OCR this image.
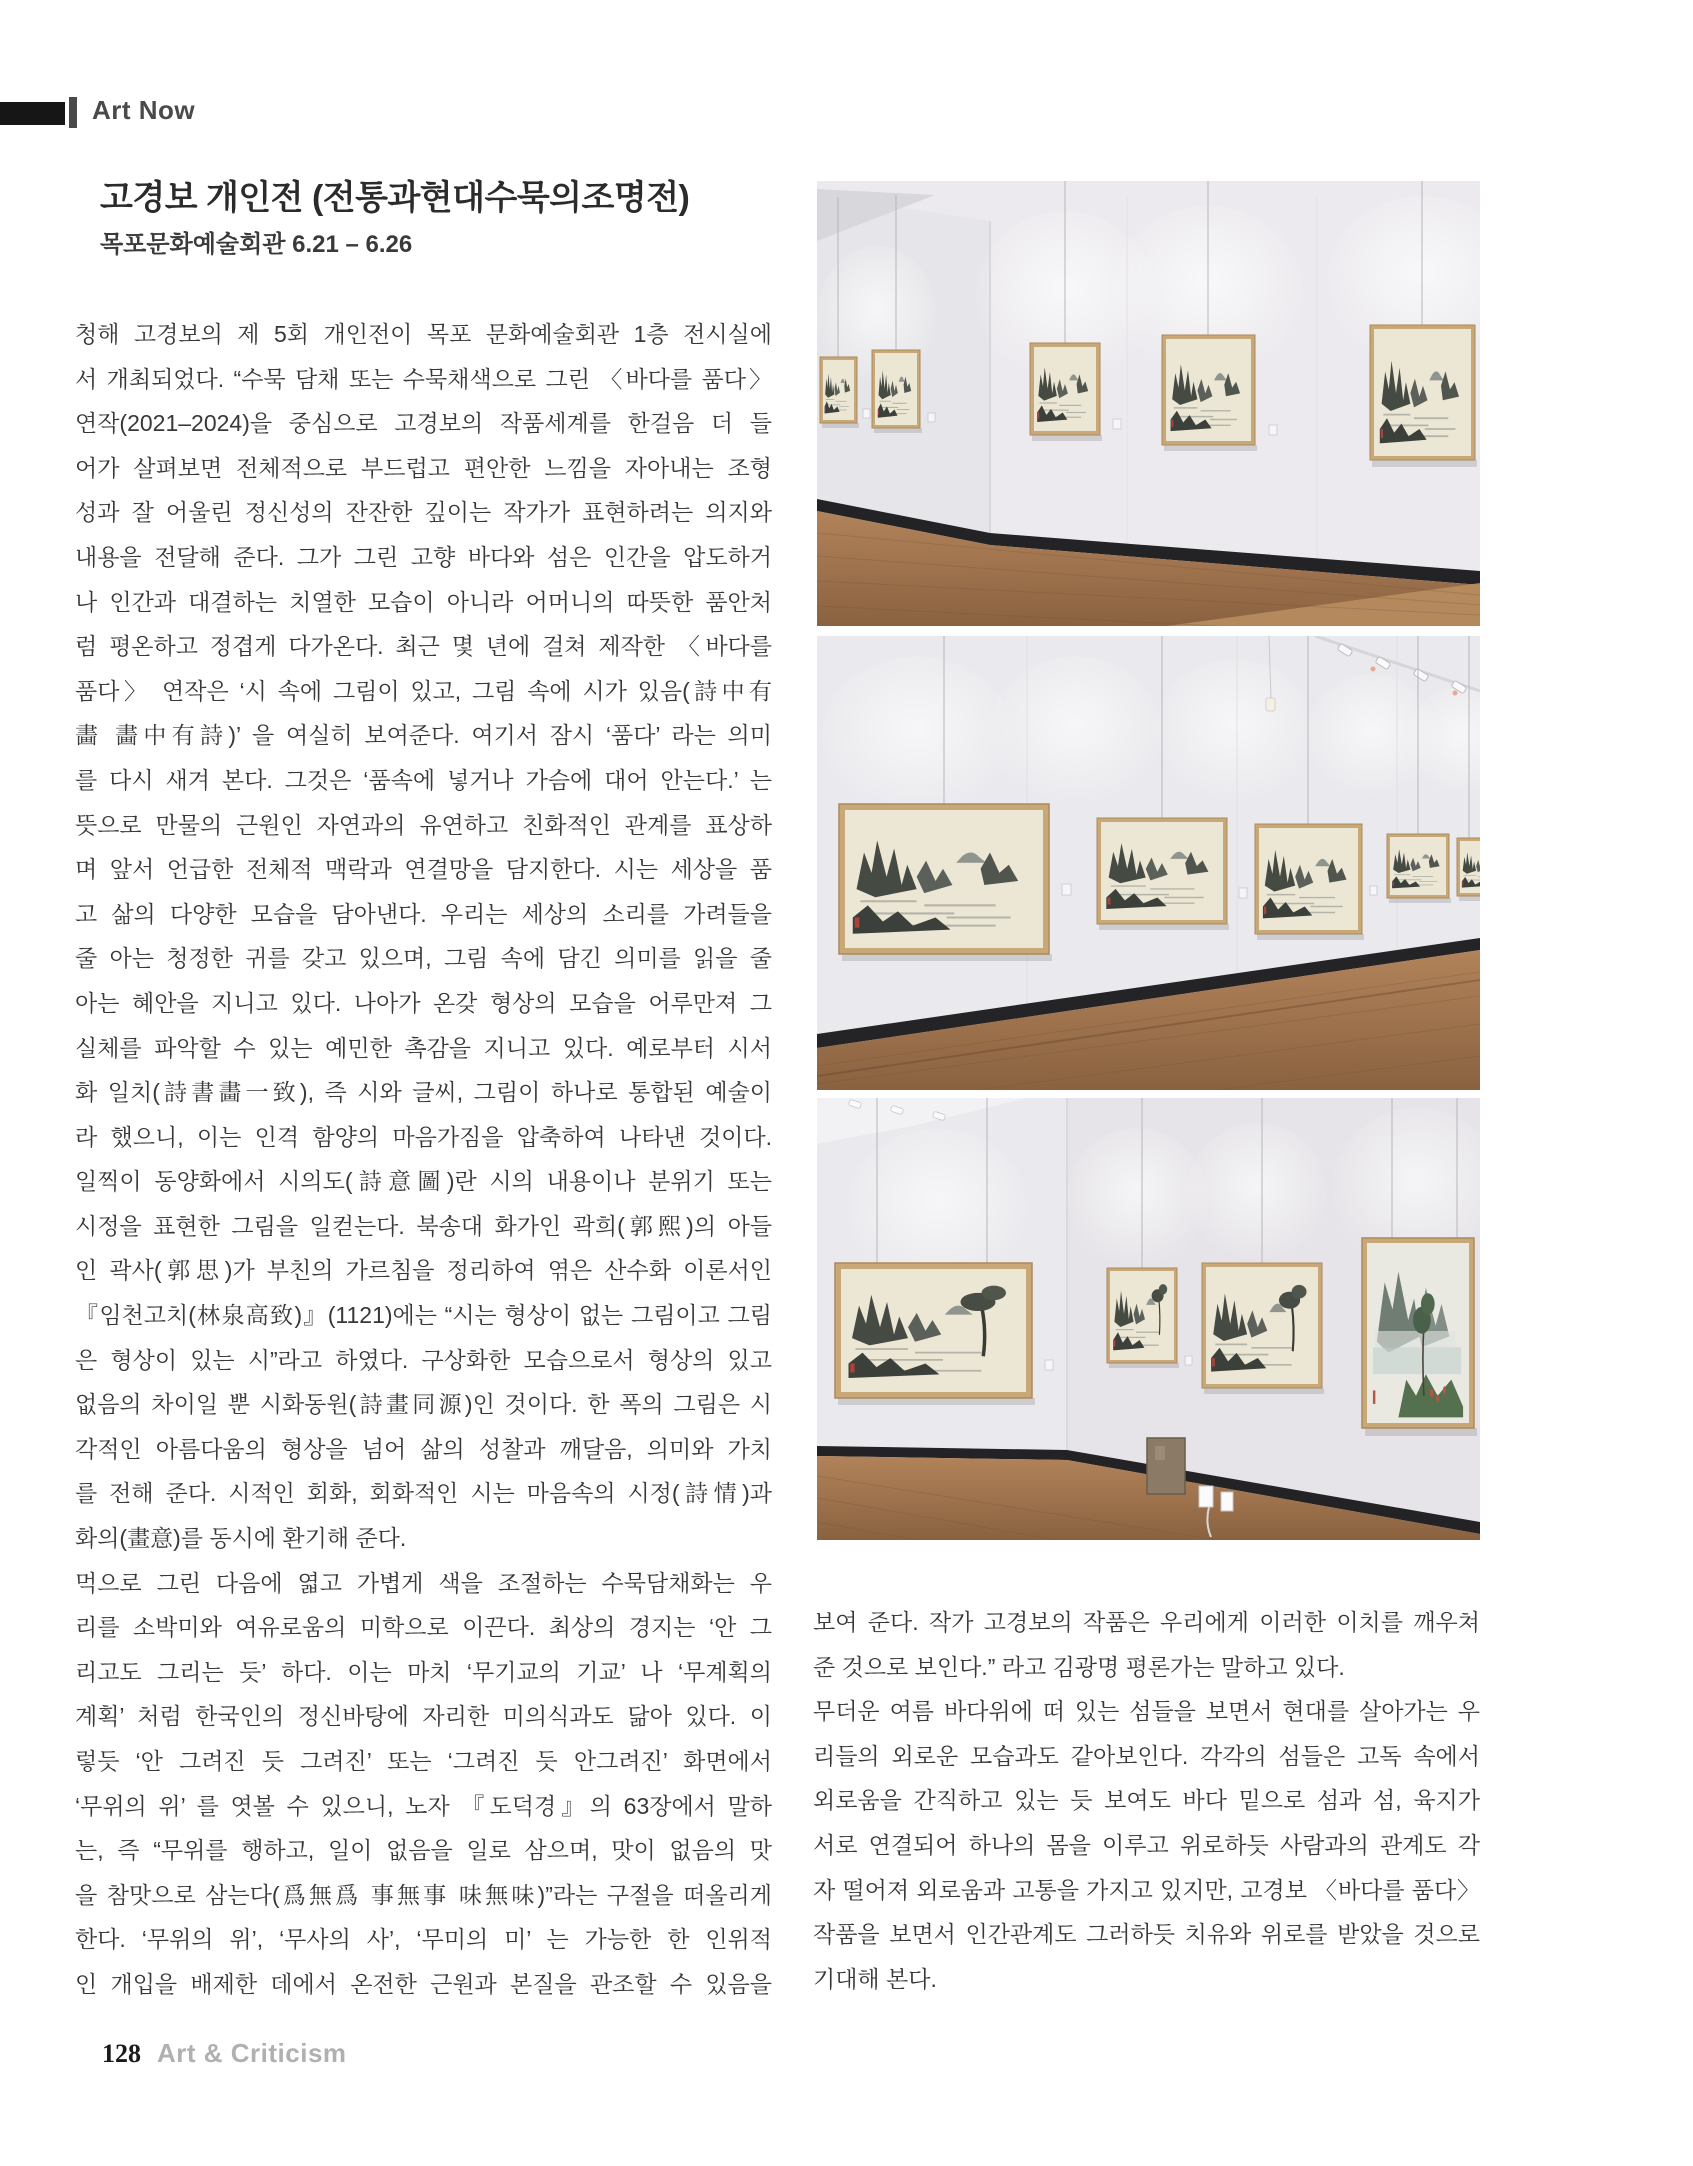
Art Now
고경보 개인전 (전통과현대수묵의조명전)
목포문화예술회관 6.21 – 6.26
청해 고경보의 제 5회 개인전이 목포 문화예술회관 1층 전시실에
서 개최되었다. “수묵 담채 또는 수묵채색으로 그린 〈바다를 품다〉
연작(2021–2024)을 중심으로 고경보의 작품세계를 한걸음 더 들
어가 살펴보면 전체적으로 부드럽고 편안한 느낌을 자아내는 조형
성과 잘 어울린 정신성의 잔잔한 깊이는 작가가 표현하려는 의지와
내용을 전달해 준다. 그가 그린 고향 바다와 섬은 인간을 압도하거
나 인간과 대결하는 치열한 모습이 아니라 어머니의 따뜻한 품안처
럼 평온하고 정겹게 다가온다. 최근 몇 년에 걸쳐 제작한 〈바다를
품다〉 연작은 ‘시 속에 그림이 있고, 그림 속에 시가 있음(詩中有
畵 畵中有詩)’ 을 여실히 보여준다. 여기서 잠시 ‘품다’ 라는 의미
를 다시 새겨 본다. 그것은 ‘품속에 넣거나 가슴에 대어 안는다.’ 는
뜻으로 만물의 근원인 자연과의 유연하고 친화적인 관계를 표상하
며 앞서 언급한 전체적 맥락과 연결망을 담지한다. 시는 세상을 품
고 삶의 다양한 모습을 담아낸다. 우리는 세상의 소리를 가려들을
줄 아는 청정한 귀를 갖고 있으며, 그림 속에 담긴 의미를 읽을 줄
아는 혜안을 지니고 있다. 나아가 온갖 형상의 모습을 어루만져 그
실체를 파악할 수 있는 예민한 촉감을 지니고 있다. 예로부터 시서
화 일치(詩書畵一致), 즉 시와 글씨, 그림이 하나로 통합된 예술이
라 했으니, 이는 인격 함양의 마음가짐을 압축하여 나타낸 것이다.
일찍이 동양화에서 시의도(詩意圖)란 시의 내용이나 분위기 또는
시정을 표현한 그림을 일컫는다. 북송대 화가인 곽희(郭熙)의 아들
인 곽사(郭思)가 부친의 가르침을 정리하여 엮은 산수화 이론서인
『임천고치(林泉高致)』(1121)에는 “시는 형상이 없는 그림이고 그림
은 형상이 있는 시”라고 하였다. 구상화한 모습으로서 형상의 있고
없음의 차이일 뿐 시화동원(詩畫同源)인 것이다. 한 폭의 그림은 시
각적인 아름다움의 형상을 넘어 삶의 성찰과 깨달음, 의미와 가치
를 전해 준다. 시적인 회화, 회화적인 시는 마음속의 시정(詩情)과
화의(畫意)를 동시에 환기해 준다.
먹으로 그린 다음에 엷고 가볍게 색을 조절하는 수묵담채화는 우
리를 소박미와 여유로움의 미학으로 이끈다. 최상의 경지는 ‘안 그
리고도 그리는 듯’ 하다. 이는 마치 ‘무기교의 기교’ 나 ‘무계획의
계획’ 처럼 한국인의 정신바탕에 자리한 미의식과도 닮아 있다. 이
렇듯 ‘안 그려진 듯 그려진’ 또는 ‘그려진 듯 안그려진’ 화면에서
‘무위의 위’ 를 엿볼 수 있으니, 노자 『도덕경』의 63장에서 말하
는, 즉 “무위를 행하고, 일이 없음을 일로 삼으며, 맛이 없음의 맛
을 참맛으로 삼는다(爲無爲 事無事 味無味)”라는 구절을 떠올리게
한다. ‘무위의 위’, ‘무사의 사’, ‘무미의 미’ 는 가능한 한 인위적
인 개입을 배제한 데에서 온전한 근원과 본질을 관조할 수 있음을
보여 준다. 작가 고경보의 작품은 우리에게 이러한 이치를 깨우쳐
준 것으로 보인다.” 라고 김광명 평론가는 말하고 있다.
무더운 여름 바다위에 떠 있는 섬들을 보면서 현대를 살아가는 우
리들의 외로운 모습과도 같아보인다. 각각의 섬들은 고독 속에서
외로움을 간직하고 있는 듯 보여도 바다 밑으로 섬과 섬, 육지가
서로 연결되어 하나의 몸을 이루고 위로하듯 사람과의 관계도 각
자 떨어져 외로움과 고통을 가지고 있지만, 고경보 〈바다를 품다〉
작품을 보면서 인간관계도 그러하듯 치유와 위로를 받았을 것으로
기대해 본다.
128 Art & Criticism
